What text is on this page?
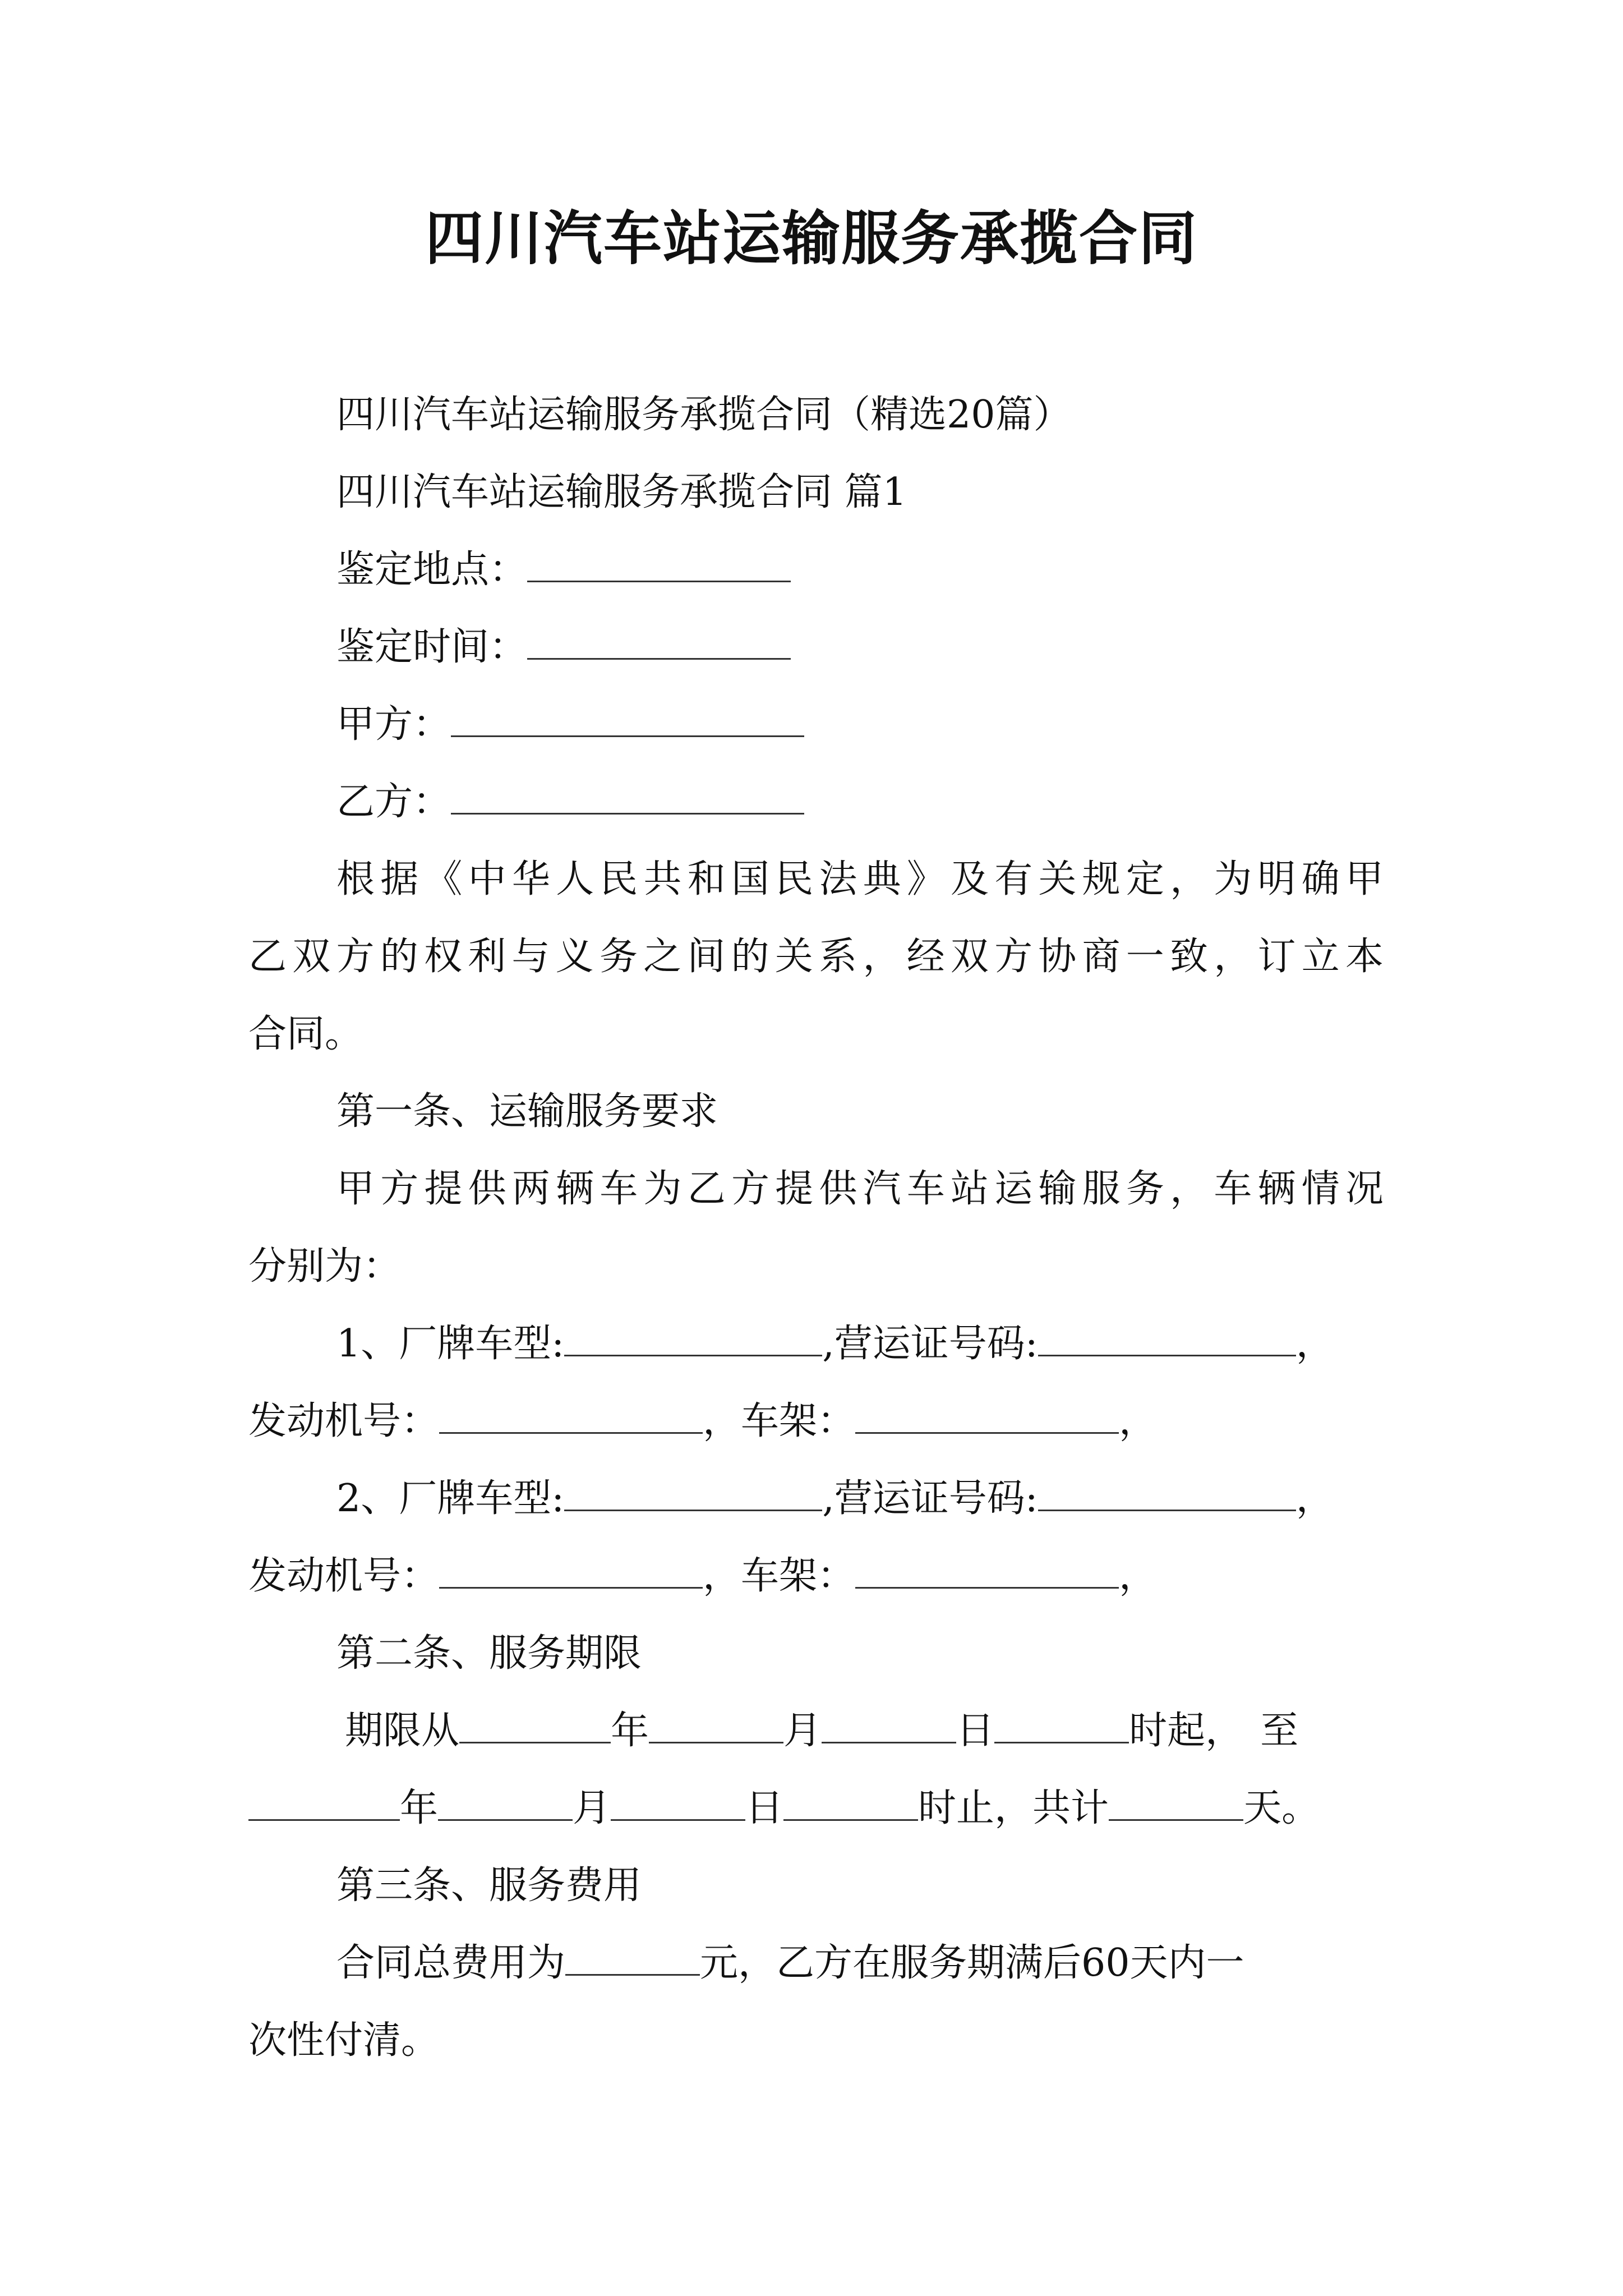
四川汽车站运输服务承揽合同

四川汽车站运输服务承揽合同（精选20篇）

四川汽车站运输服务承揽合同 篇1

鉴定地点：

鉴定时间：

甲方：

乙方：

根据《中华人民共和国民法典》及有关规定，为明确甲

乙双方的权利与义务之间的关系，经双方协商一致，订立本

合同。

第一条、运输服务要求

甲方提供两辆车为乙方提供汽车站运输服务，车辆情况

分别为：

1、厂牌车型:	,营运证号码:	，

发动机号：	，车架：	，

2、厂牌车型:	,营运证号码:	，

发动机号：	，车架：	，

第二条、服务期限

期限从	年	月	日	时起， 至

年	月	日	时止，共计	天。

第三条、服务费用

合同总费用为	元，乙方在服务期满后60天内一

次性付清。
